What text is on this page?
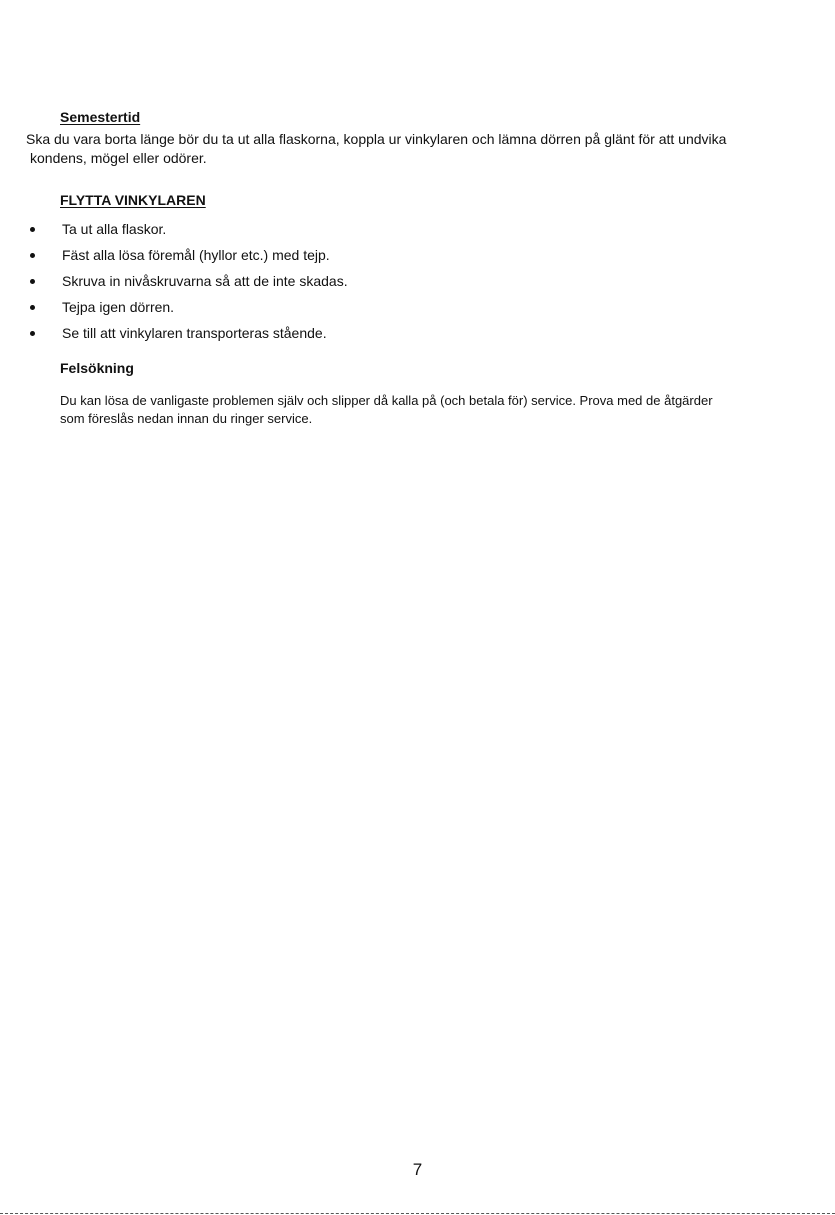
Semestertid

Ska du vara borta länge bör du ta ut alla flaskorna, koppla ur vinkylaren och lämna dörren på glänt för att undvika
kondens, mögel eller odörer.

FLYTTA VINKYLAREN
Ta ut alla flaskor.
Fäst alla lösa föremål (hyllor etc.) med tejp.
Skruva in nivåskruvarna så att de inte skadas.
Tejpa igen dörren.
Se till att vinkylaren transporteras stående.
Felsökning

Du kan lösa de vanligaste problemen själv och slipper då kalla på (och betala för) service. Prova med de åtgärder
som föreslås nedan innan du ringer service.

7
